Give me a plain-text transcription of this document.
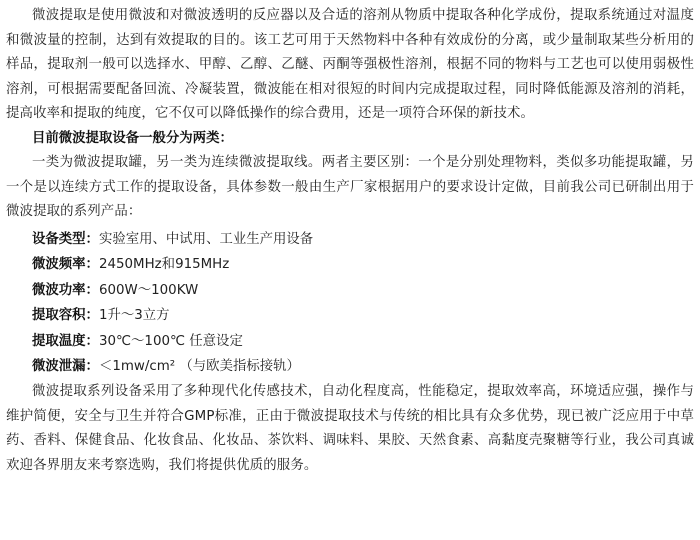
微波提取是使用微波和对微波透明的反应器以及合适的溶剂从物质中提取各种化学成份，提取系统通过对温度和微波量的控制，达到有效提取的目的。该工艺可用于天然物料中各种有效成份的分离，或少量制取某些分析用的样品，提取剂一般可以选择水、甲醇、乙醇、乙醚、丙酮等强极性溶剂，根据不同的物料与工艺也可以使用弱极性溶剂，可根据需要配备回流、冷凝装置，微波能在相对很短的时间内完成提取过程，同时降低能源及溶剂的消耗，提高收率和提取的纯度，它不仅可以降低操作的综合费用，还是一项符合环保的新技术。

目前微波提取设备一般分为两类：

一类为微波提取罐，另一类为连续微波提取线。两者主要区别：一个是分别处理物料，类似多功能提取罐，另一个是以连续方式工作的提取设备，具体参数一般由生产厂家根据用户的要求设计定做，目前我公司已研制出用于微波提取的系列产品：

设备类型：实验室用、中试用、工业生产用设备
微波频率：2450MHz和915MHz
微波功率：600W～100KW
提取容积：1升～3立方
提取温度：30℃～100℃ 任意设定
微波泄漏：＜1mw/cm² （与欧美指标接轨）

微波提取系列设备采用了多种现代化传感技术，自动化程度高，性能稳定，提取效率高，环境适应强，操作与维护简便，安全与卫生并符合GMP标准，正由于微波提取技术与传统的相比具有众多优势，现已被广泛应用于中草药、香料、保健食品、化妆食品、化妆品、茶饮料、调味料、果胶、天然食素、高黏度壳聚糖等行业，我公司真诚欢迎各界朋友来考察选购，我们将提供优质的服务。
